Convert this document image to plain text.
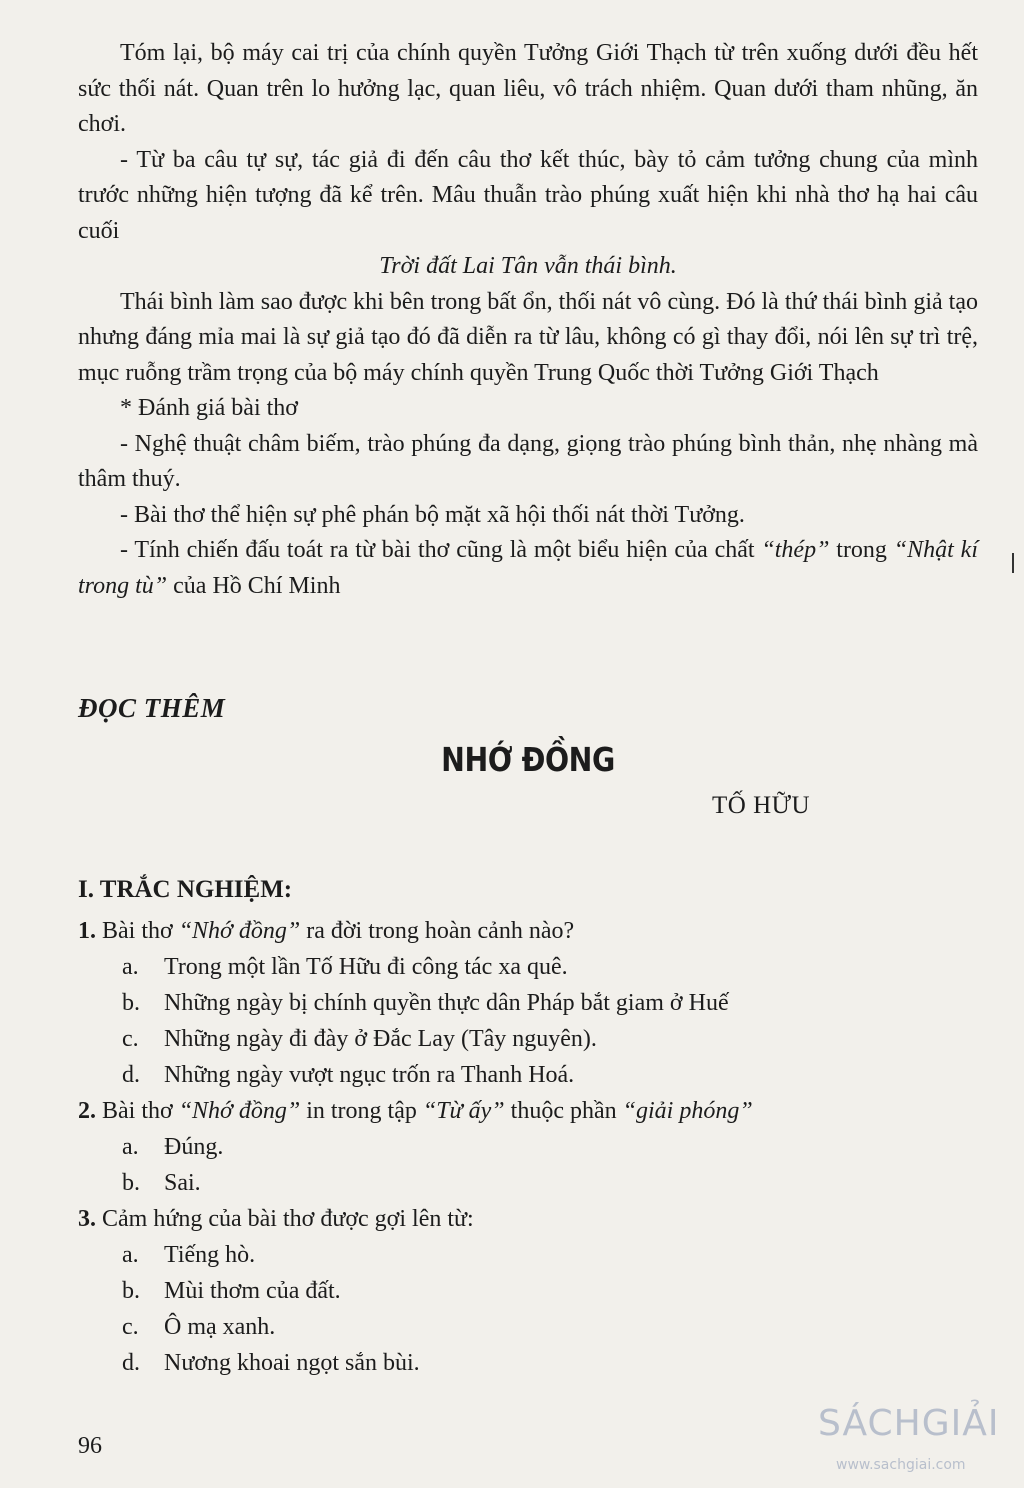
Tóm lại, bộ máy cai trị của chính quyền Tưởng Giới Thạch từ trên xuống dưới đều hết sức thối nát. Quan trên lo hưởng lạc, quan liêu, vô trách nhiệm. Quan dưới tham nhũng, ăn chơi.

- Từ ba câu tự sự, tác giả đi đến câu thơ kết thúc, bày tỏ cảm tưởng chung của mình trước những hiện tượng đã kể trên. Mâu thuẫn trào phúng xuất hiện khi nhà thơ hạ hai câu cuối

Trời đất Lai Tân vẫn thái bình.

Thái bình làm sao được khi bên trong bất ổn, thối nát vô cùng. Đó là thứ thái bình giả tạo nhưng đáng mỉa mai là sự giả tạo đó đã diễn ra từ lâu, không có gì thay đổi, nói lên sự trì trệ, mục ruỗng trầm trọng của bộ máy chính quyền Trung Quốc thời Tưởng Giới Thạch

* Đánh giá bài thơ

- Nghệ thuật châm biếm, trào phúng đa dạng, giọng trào phúng bình thản, nhẹ nhàng mà thâm thuý.

- Bài thơ thể hiện sự phê phán bộ mặt xã hội thối nát thời Tưởng.

- Tính chiến đấu toát ra từ bài thơ cũng là một biểu hiện của chất “thép” trong “Nhật kí trong tù” của Hồ Chí Minh

ĐỌC THÊM

NHỚ ĐỒNG

TỐ HỮU

I. TRẮC NGHIỆM:

1. Bài thơ “Nhớ đồng” ra đời trong hoàn cảnh nào?

a.	Trong một lần Tố Hữu đi công tác xa quê.
b.	Những ngày bị chính quyền thực dân Pháp bắt giam ở Huế
c.	Những ngày đi đày ở Đắc Lay (Tây nguyên).
d.	Những ngày vượt ngục trốn ra Thanh Hoá.

2. Bài thơ “Nhớ đồng” in trong tập “Từ ấy” thuộc phần “giải phóng”

a.	Đúng.
b.	Sai.

3. Cảm hứng của bài thơ được gợi lên từ:

a.	Tiếng hò.
b.	Mùi thơm của đất.
c.	Ô mạ xanh.
d.	Nương khoai ngọt sắn bùi.

96

SÁCHGIẢI
www.sachgiai.com
